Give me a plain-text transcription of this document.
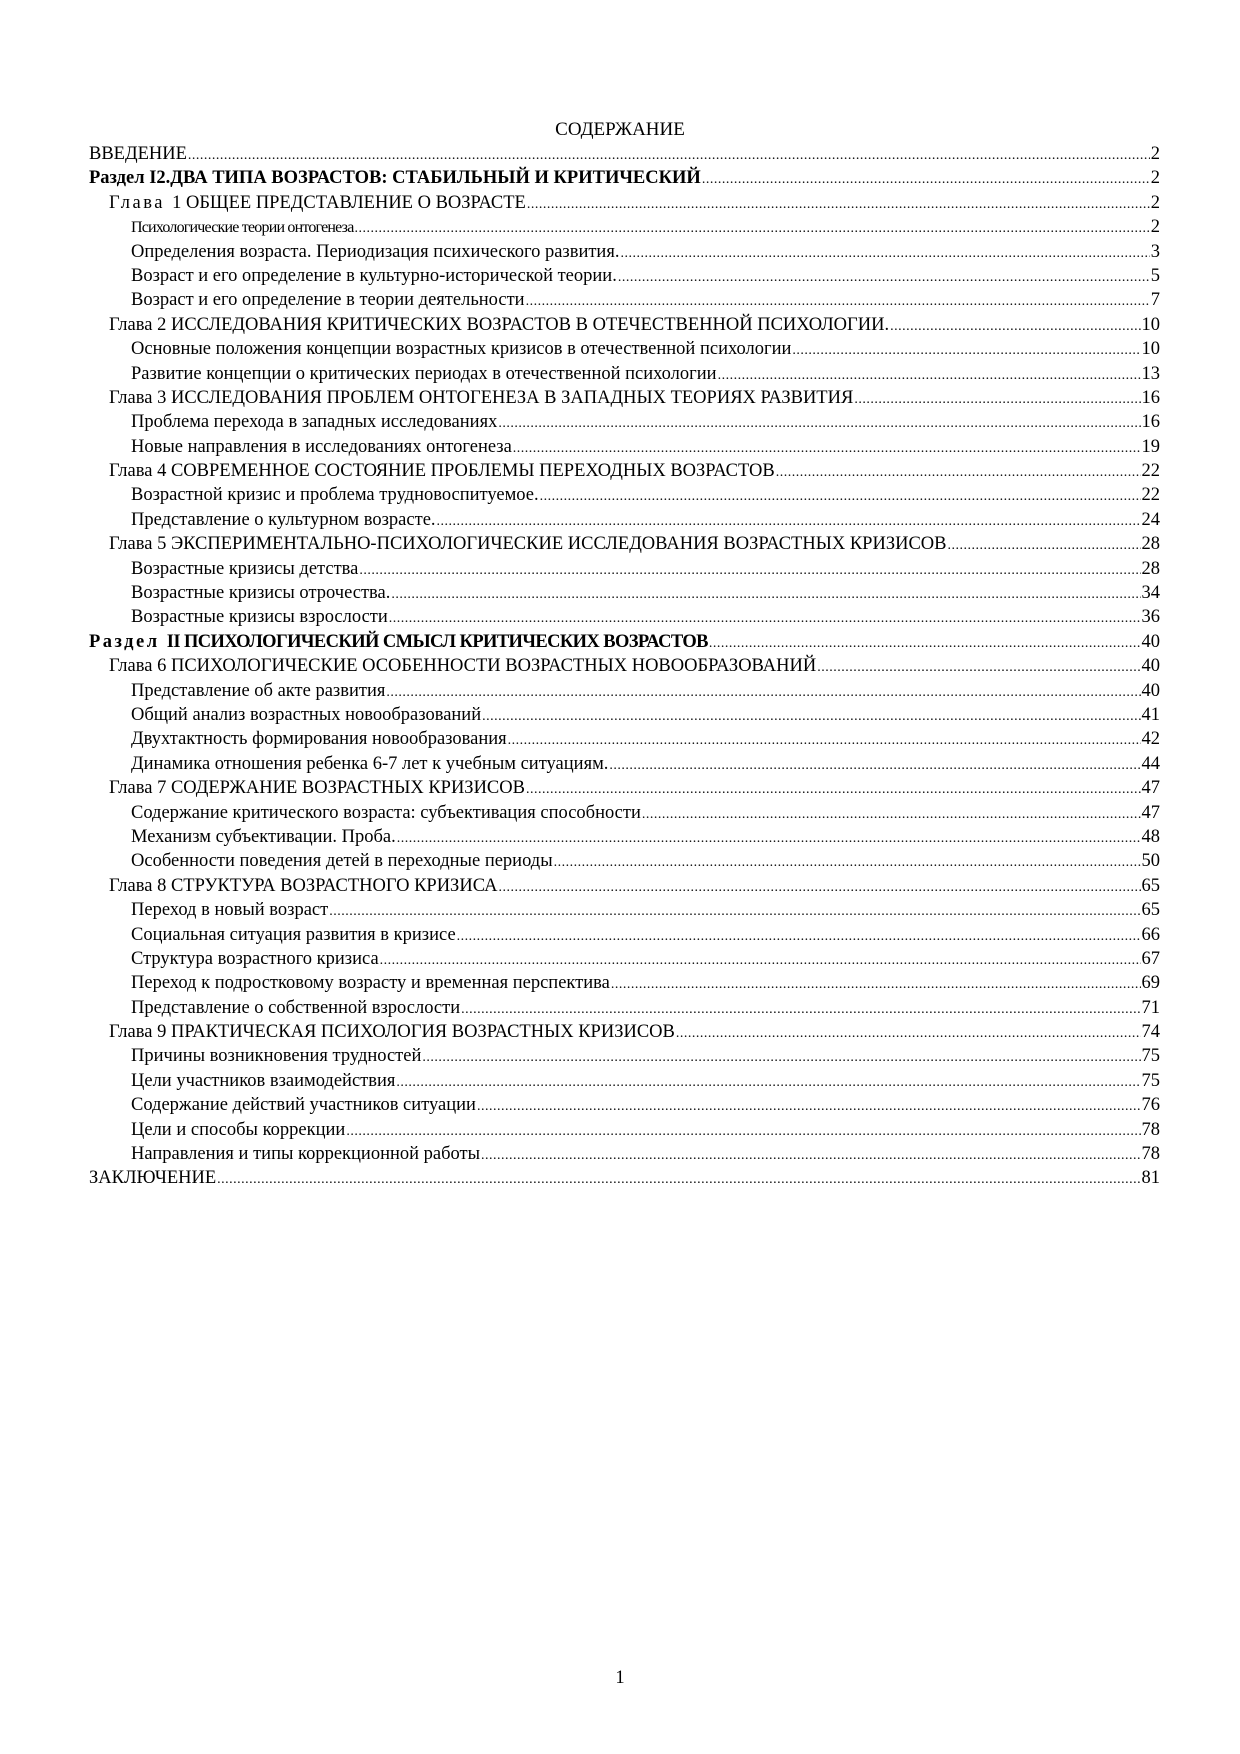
СОДЕРЖАНИЕ
ВВЕДЕНИЕ .....	2
Раздел I2.ДВА ТИПА ВОЗРАСТОВ: СТАБИЛЬНЫЙ И КРИТИЧЕСКИЙ .....	2
Глава 1 ОБЩЕЕ ПРЕДСТАВЛЕНИЕ О ВОЗРАСТЕ .....	2
Психологические теории онтогенеза .....	2
Определения возраста. Периодизация психического развития. .....	3
Возраст и его определение в культурно-исторической теории. .....	5
Возраст и его определение в теории деятельности .....	7
Глава 2 ИССЛЕДОВАНИЯ КРИТИЧЕСКИХ ВОЗРАСТОВ В ОТЕЧЕСТВЕННОЙ ПСИХОЛОГИИ. .....	10
Основные положения концепции возрастных кризисов в отечественной психологии .....	10
Развитие концепции о критических периодах в отечественной психологии .....	13
Глава 3 ИССЛЕДОВАНИЯ ПРОБЛЕМ ОНТОГЕНЕЗА В ЗАПАДНЫХ ТЕОРИЯХ РАЗВИТИЯ .....	16
Проблема перехода в западных исследованиях .....	16
Новые направления в исследованиях онтогенеза .....	19
Глава 4 СОВРЕМЕННОЕ СОСТОЯНИЕ ПРОБЛЕМЫ ПЕРЕХОДНЫХ ВОЗРАСТОВ .....	22
Возрастной кризис и проблема трудновоспитуемое. .....	22
Представление о культурном возрасте. .....	24
Глава 5 ЭКСПЕРИМЕНТАЛЬНО-ПСИХОЛОГИЧЕСКИЕ ИССЛЕДОВАНИЯ ВОЗРАСТНЫХ КРИЗИСОВ .....	28
Возрастные кризисы детства .....	28
Возрастные кризисы отрочества. .....	34
Возрастные кризисы взрослости .....	36
Раздел II ПСИХОЛОГИЧЕСКИЙ СМЫСЛ КРИТИЧЕСКИХ ВОЗРАСТОВ .....	40
Глава 6 ПСИХОЛОГИЧЕСКИЕ ОСОБЕННОСТИ ВОЗРАСТНЫХ НОВООБРАЗОВАНИЙ .....	40
Представление об акте развития .....	40
Общий анализ возрастных новообразований .....	41
Двухтактность формирования новообразования .....	42
Динамика отношения ребенка 6-7 лет к учебным ситуациям. .....	44
Глава 7 СОДЕРЖАНИЕ ВОЗРАСТНЫХ КРИЗИСОВ .....	47
Содержание критического возраста: субъективация способности .....	47
Механизм субъективации. Проба. .....	48
Особенности поведения детей в переходные периоды .....	50
Глава 8 СТРУКТУРА ВОЗРАСТНОГО КРИЗИСА .....	65
Переход в новый возраст .....	65
Социальная ситуация развития в кризисе .....	66
Структура возрастного кризиса .....	67
Переход к подростковому возрасту и временная перспектива .....	69
Представление о собственной взрослости .....	71
Глава 9 ПРАКТИЧЕСКАЯ ПСИХОЛОГИЯ ВОЗРАСТНЫХ КРИЗИСОВ .....	74
Причины возникновения трудностей .....	75
Цели участников взаимодействия .....	75
Содержание действий участников ситуации .....	76
Цели и способы коррекции .....	78
Направления и типы коррекционной работы .....	78
ЗАКЛЮЧЕНИЕ .....	81
1
